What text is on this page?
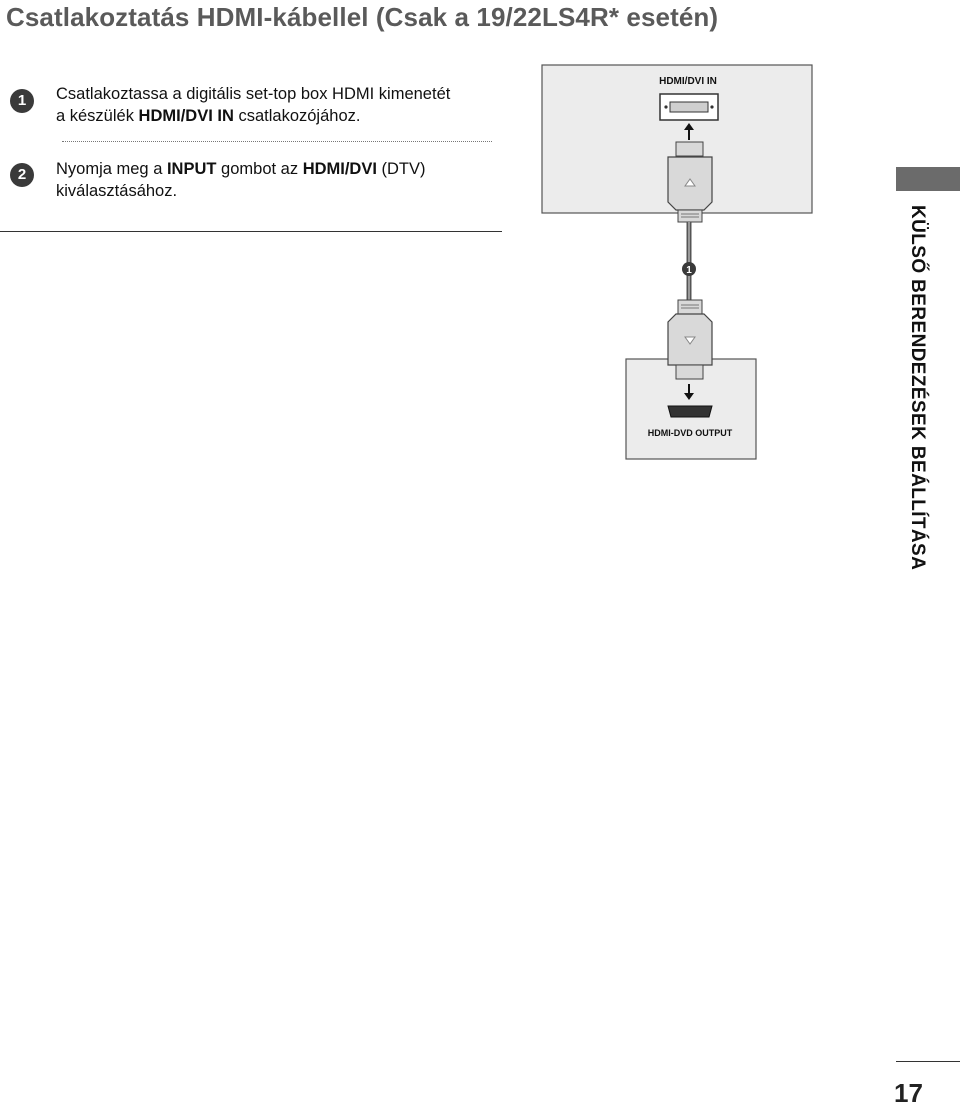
Csatlakoztatás HDMI-kábellel (Csak a 19/22LS4R* esetén)
1	Csatlakoztassa a digitális set-top box HDMI kimenetét
a készülék HDMI/DVI IN csatlakozójához.
2	Nyomja meg a INPUT gombot az HDMI/DVI (DTV)
kiválasztásához.
HDMI/DVI IN
1
HDMI-DVD OUTPUT	KÜLSŐ BERENDEZÉSEK BEÁLLÍTÁSA
17
